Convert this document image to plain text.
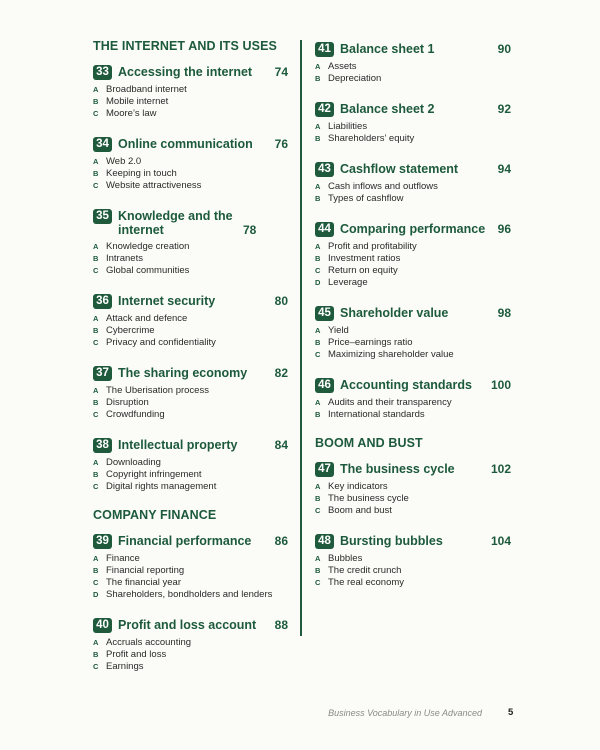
THE INTERNET AND ITS USES
33 Accessing the internet	74
A Broadband internet
B Mobile internet
C Moore’s law
34 Online communication	76
A Web 2.0
B Keeping in touch
C Website attractiveness
35 Knowledge and the internet	78
A Knowledge creation
B Intranets
C Global communities
36 Internet security	80
A Attack and defence
B Cybercrime
C Privacy and confidentiality
37 The sharing economy	82
A The Uberisation process
B Disruption
C Crowdfunding
38 Intellectual property	84
A Downloading
B Copyright infringement
C Digital rights management
COMPANY FINANCE
39 Financial performance	86
A Finance
B Financial reporting
C The financial year
D Shareholders, bondholders and lenders
40 Profit and loss account	88
A Accruals accounting
B Profit and loss
C Earnings
41 Balance sheet 1	90
A Assets
B Depreciation
42 Balance sheet 2	92
A Liabilities
B Shareholders’ equity
43 Cashflow statement	94
A Cash inflows and outflows
B Types of cashflow
44 Comparing performance	96
A Profit and profitability
B Investment ratios
C Return on equity
D Leverage
45 Shareholder value	98
A Yield
B Price–earnings ratio
C Maximizing shareholder value
46 Accounting standards	100
A Audits and their transparency
B International standards
BOOM AND BUST
47 The business cycle	102
A Key indicators
B The business cycle
C Boom and bust
48 Bursting bubbles	104
A Bubbles
B The credit crunch
C The real economy
Business Vocabulary in Use Advanced	5
